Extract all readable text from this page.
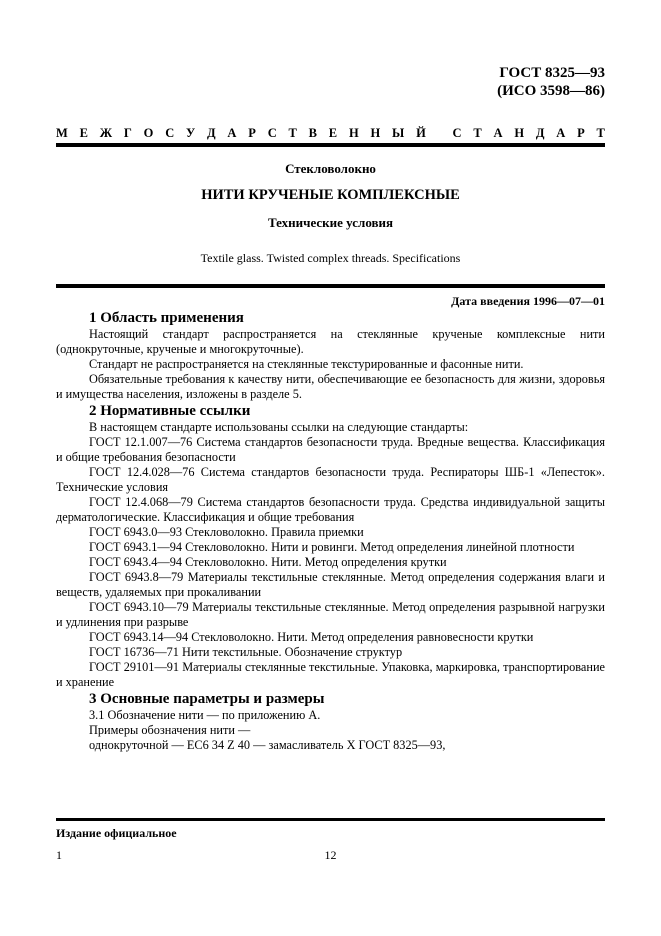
ГОСТ 8325—93
(ИСО 3598—86)
М Е Ж Г О С У Д А Р С Т В Е Н Н Ы Й
С Т А Н Д А Р Т
Стекловолокно
НИТИ КРУЧЕНЫЕ КОМПЛЕКСНЫЕ
Технические условия
Textile glass. Twisted complex threads. Specifications
Дата введения 1996—07—01
1 Область применения

Настоящий стандарт распространяется на стеклянные крученые комплексные нити (однокруточные, крученые и многокруточные).

Стандарт не распространяется на стеклянные текстурированные и фасонные нити.

Обязательные требования к качеству нити, обеспечивающие ее безопасность для жизни, здоровья и имущества населения, изложены в разделе 5.

2 Нормативные ссылки

В настоящем стандарте использованы ссылки на следующие стандарты:

ГОСТ 12.1.007—76 Система стандартов безопасности труда. Вредные вещества. Классификация и общие требования безопасности

ГОСТ 12.4.028—76 Система стандартов безопасности труда. Респираторы ШБ-1 «Лепесток». Технические условия

ГОСТ 12.4.068—79 Система стандартов безопасности труда. Средства индивидуальной защиты дерматологические. Классификация и общие требования

ГОСТ 6943.0—93 Стекловолокно. Правила приемки

ГОСТ 6943.1—94 Стекловолокно. Нити и ровинги. Метод определения линейной плотности

ГОСТ 6943.4—94 Стекловолокно. Нити. Метод определения крутки

ГОСТ 6943.8—79 Материалы текстильные стеклянные. Метод определения содержания влаги и веществ, удаляемых при прокаливании

ГОСТ 6943.10—79 Материалы текстильные стеклянные. Метод определения разрывной нагрузки и удлинения при разрыве

ГОСТ 6943.14—94 Стекловолокно. Нити. Метод определения равновесности крутки

ГОСТ 16736—71 Нити текстильные. Обозначение структур

ГОСТ 29101—91 Материалы стеклянные текстильные. Упаковка, маркировка, транспортирование и хранение

3 Основные параметры и размеры

3.1 Обозначение нити — по приложению А.

Примеры обозначения нити —

однокруточной — ЕС6 34 Z 40 — замасливатель Х ГОСТ 8325—93,

Издание официальное
1	12
